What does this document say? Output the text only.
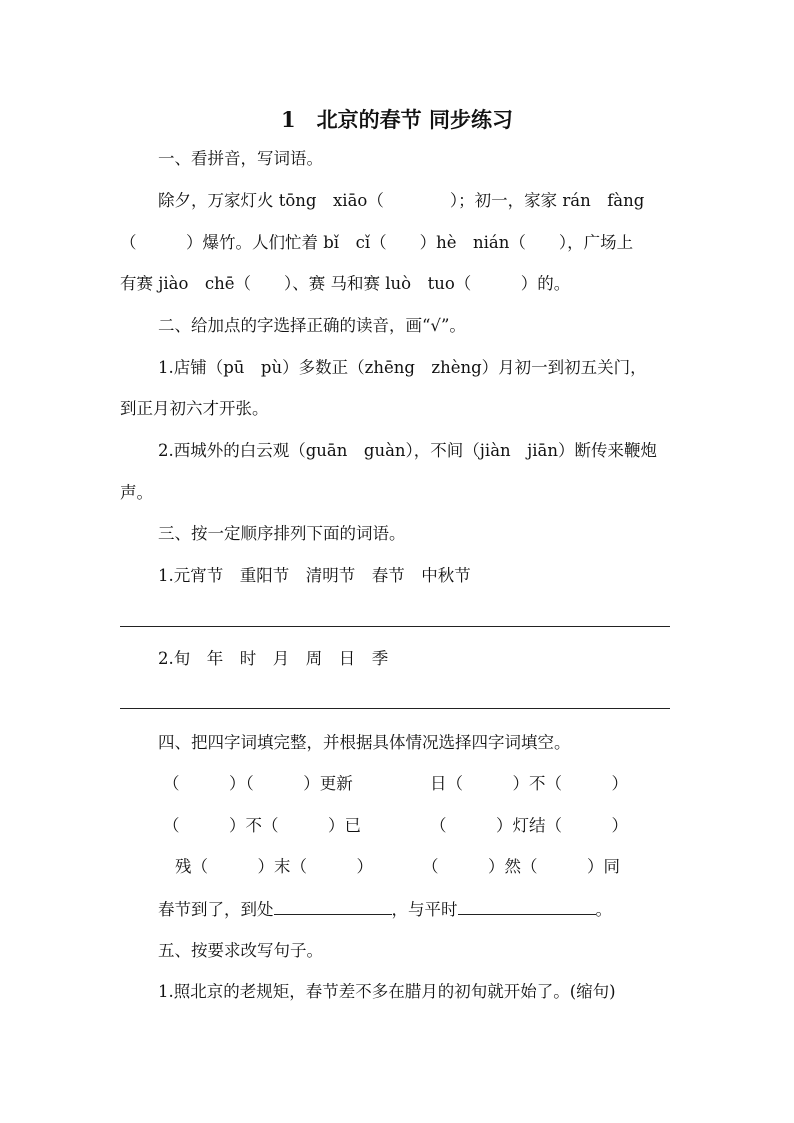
1　北京的春节 同步练习
一、看拼音，写词语。
除夕，万家灯火 tōng　xiāo（　　　　）；初一，家家 rán　fàng
（　　　）爆竹。人们忙着 bǐ　cǐ（　　）hè　nián（　　），广场上
有赛 jiào　chē（　　）、赛 马和赛 luò　tuo（　　　）的。
二、给加点的字选择正确的读音，画“√”。
1.店铺（pū　pù）多数正（zhēng　zhèng）月初一到初五关门，
到正月初六才开张。
2.西城外的白云观（guān　guàn），不间（jiàn　jiān）断传来鞭炮
声。
三、按一定顺序排列下面的词语。
1.元宵节　重阳节　清明节　春节　中秋节
2.旬　年　时　月　周　日　季
四、把四字词填完整，并根据具体情况选择四字词填空。
（　　　）（　　　）更新	日（　　　）不（　　　）
（　　　）不（　　　）已	（　　　）灯结（　　　）
残（　　　）末（　　　）	（　　　）然（　　　）同
春节到了，到处	，与平时	。
五、按要求改写句子。
1.照北京的老规矩，春节差不多在腊月的初旬就开始了。(缩句)
